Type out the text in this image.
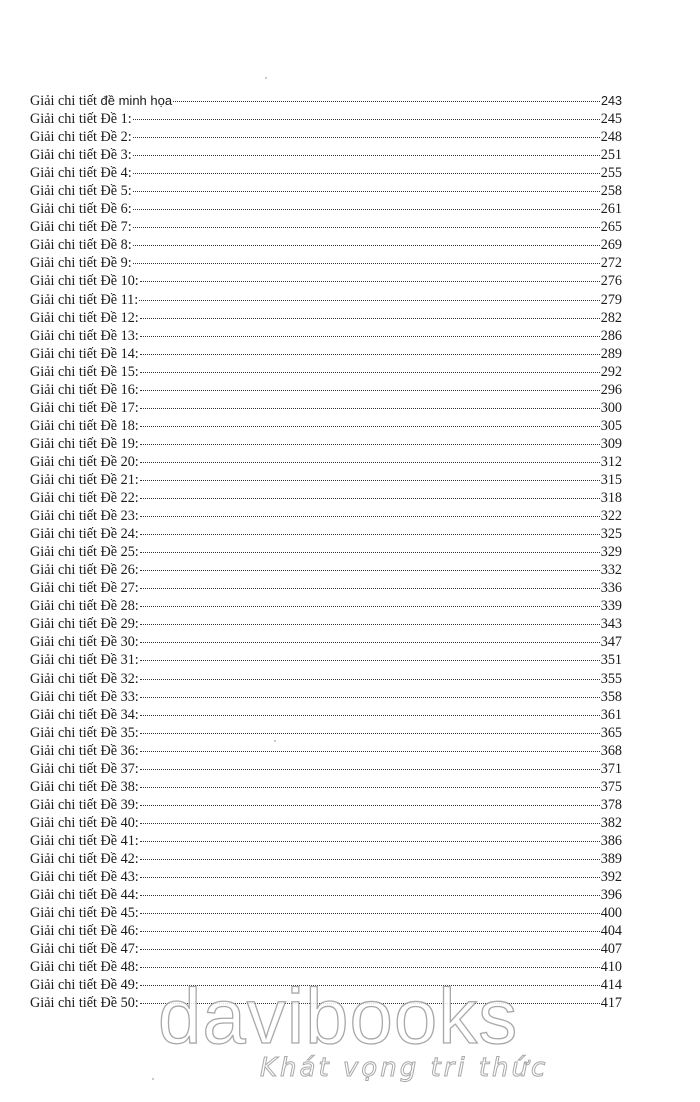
Giải chi tiết đề minh họa	243
Giải chi tiết Đề 1:	245
Giải chi tiết Đề 2:	248
Giải chi tiết Đề 3:	251
Giải chi tiết Đề 4:	255
Giải chi tiết Đề 5:	258
Giải chi tiết Đề 6:	261
Giải chi tiết Đề 7:	265
Giải chi tiết Đề 8:	269
Giải chi tiết Đề 9:	272
Giải chi tiết Đề 10:	276
Giải chi tiết Đề 11:	279
Giải chi tiết Đề 12:	282
Giải chi tiết Đề 13:	286
Giải chi tiết Đề 14:	289
Giải chi tiết Đề 15:	292
Giải chi tiết Đề 16:	296
Giải chi tiết Đề 17:	300
Giải chi tiết Đề 18:	305
Giải chi tiết Đề 19:	309
Giải chi tiết Đề 20:	312
Giải chi tiết Đề 21:	315
Giải chi tiết Đề 22:	318
Giải chi tiết Đề 23:	322
Giải chi tiết Đề 24:	325
Giải chi tiết Đề 25:	329
Giải chi tiết Đề 26:	332
Giải chi tiết Đề 27:	336
Giải chi tiết Đề 28:	339
Giải chi tiết Đề 29:	343
Giải chi tiết Đề 30:	347
Giải chi tiết Đề 31:	351
Giải chi tiết Đề 32:	355
Giải chi tiết Đề 33:	358
Giải chi tiết Đề 34:	361
Giải chi tiết Đề 35:	365
Giải chi tiết Đề 36:	368
Giải chi tiết Đề 37:	371
Giải chi tiết Đề 38:	375
Giải chi tiết Đề 39:	378
Giải chi tiết Đề 40:	382
Giải chi tiết Đề 41:	386
Giải chi tiết Đề 42:	389
Giải chi tiết Đề 43:	392
Giải chi tiết Đề 44:	396
Giải chi tiết Đề 45:	400
Giải chi tiết Đề 46:	404
Giải chi tiết Đề 47:	407
Giải chi tiết Đề 48:	410
Giải chi tiết Đề 49:	414
Giải chi tiết Đề 50:	417
davibooks
Khát vọng tri thức
